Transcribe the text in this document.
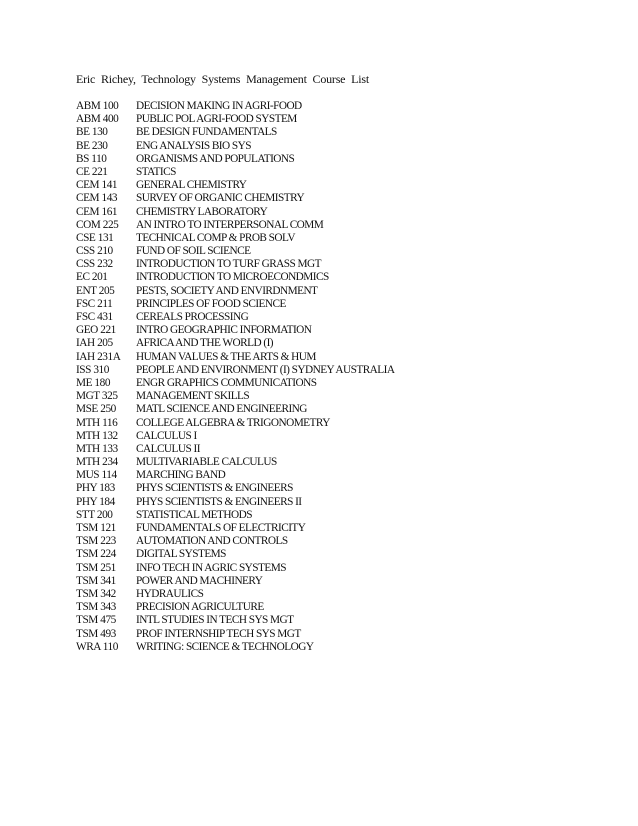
Eric Richey, Technology Systems Management Course List
ABM 100	DECISION MAKING IN AGRI-FOOD
ABM 400	PUBLIC POL AGRI-FOOD SYSTEM
BE 130	BE DESIGN FUNDAMENTALS
BE 230	ENG ANALYSIS BIO SYS
BS 110	ORGANISMS AND POPULATIONS
CE 221	STATICS
CEM 141	GENERAL CHEMISTRY
CEM 143	SURVEY OF ORGANIC CHEMISTRY
CEM 161	CHEMISTRY LABORATORY
COM 225	AN INTRO TO INTERPERSONAL COMM
CSE 131	TECHNICAL COMP & PROB SOLV
CSS 210	FUND OF SOIL SCIENCE
CSS 232	INTRODUCTION TO TURF GRASS MGT
EC 201	INTRODUCTION TO MICROECONDMICS
ENT 205	PESTS, SOCIETY AND ENVIRDNMENT
FSC 211	PRINCIPLES OF FOOD SCIENCE
FSC 431	CEREALS PROCESSING
GEO 221	INTRO GEOGRAPHIC INFORMATION
IAH 205	AFRICA AND THE WORLD (I)
IAH 231A	HUMAN VALUES & THE ARTS & HUM
ISS 310	PEOPLE AND ENVIRONMENT (I) SYDNEY AUSTRALIA
ME 180	ENGR GRAPHICS COMMUNICATIONS
MGT 325	MANAGEMENT SKILLS
MSE 250	MATL SCIENCE AND ENGINEERING
MTH 116	COLLEGE ALGEBRA & TRIGONOMETRY
MTH 132	CALCULUS I
MTH 133	CALCULUS II
MTH 234	MULTIVARIABLE CALCULUS
MUS 114	MARCHING BAND
PHY 183	PHYS SCIENTISTS & ENGINEERS
PHY 184	PHYS SCIENTISTS & ENGINEERS II
STT 200	STATISTICAL METHODS
TSM 121	FUNDAMENTALS OF ELECTRICITY
TSM 223	AUTOMATION AND CONTROLS
TSM 224	DIGITAL SYSTEMS
TSM 251	INFO TECH IN AGRIC SYSTEMS
TSM 341	POWER AND MACHINERY
TSM 342	HYDRAULICS
TSM 343	PRECISION AGRICULTURE
TSM 475	INTL STUDIES IN TECH SYS MGT
TSM 493	PROF INTERNSHIP TECH SYS MGT
WRA 110	WRITING: SCIENCE & TECHNOLOGY
